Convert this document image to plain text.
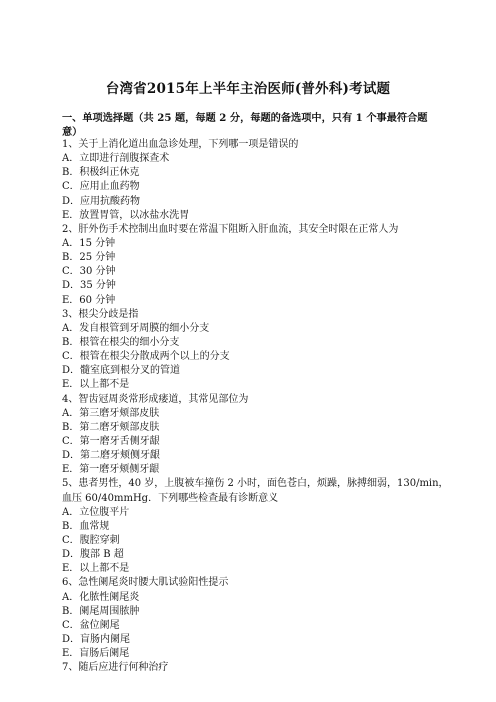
台湾省2015年上半年主治医师(普外科)考试题
一、单项选择题（共 25 题，每题 2 分，每题的备选项中，只有 1 个事最符合题意）
1、关于上消化道出血急诊处理，下列哪一项是错误的
A．立即进行剖腹探查术
B．积极纠正休克
C．应用止血药物
D．应用抗酸药物
E．放置胃管，以冰盐水洗胃
2、肝外伤手术控制出血时要在常温下阻断入肝血流，其安全时限在正常人为
A．15 分钟
B．25 分钟
C．30 分钟
D．35 分钟
E．60 分钟
3、根尖分歧是指
A．发自根管到牙周膜的细小分支
B．根管在根尖的细小分支
C．根管在根尖分散成两个以上的分支
D．髓室底到根分叉的管道
E．以上都不是
4、智齿冠周炎常形成瘘道，其常见部位为
A．第三磨牙颊部皮肤
B．第二磨牙颊部皮肤
C．第一磨牙舌侧牙龈
D．第二磨牙颊侧牙龈
E．第一磨牙颊侧牙龈
5、患者男性，40 岁，上腹被车撞伤 2 小时，面色苍白，烦躁，脉搏细弱，130/min，
血压 60/40mmHg．下列哪些检查最有诊断意义
A．立位腹平片
B．血常规
C．腹腔穿刺
D．腹部 B 超
E．以上都不是
6、急性阑尾炎时腰大肌试验阳性提示
A．化脓性阑尾炎
B．阑尾周围脓肿
C．盆位阑尾
D．盲肠内阑尾
E．盲肠后阑尾
7、随后应进行何种治疗
